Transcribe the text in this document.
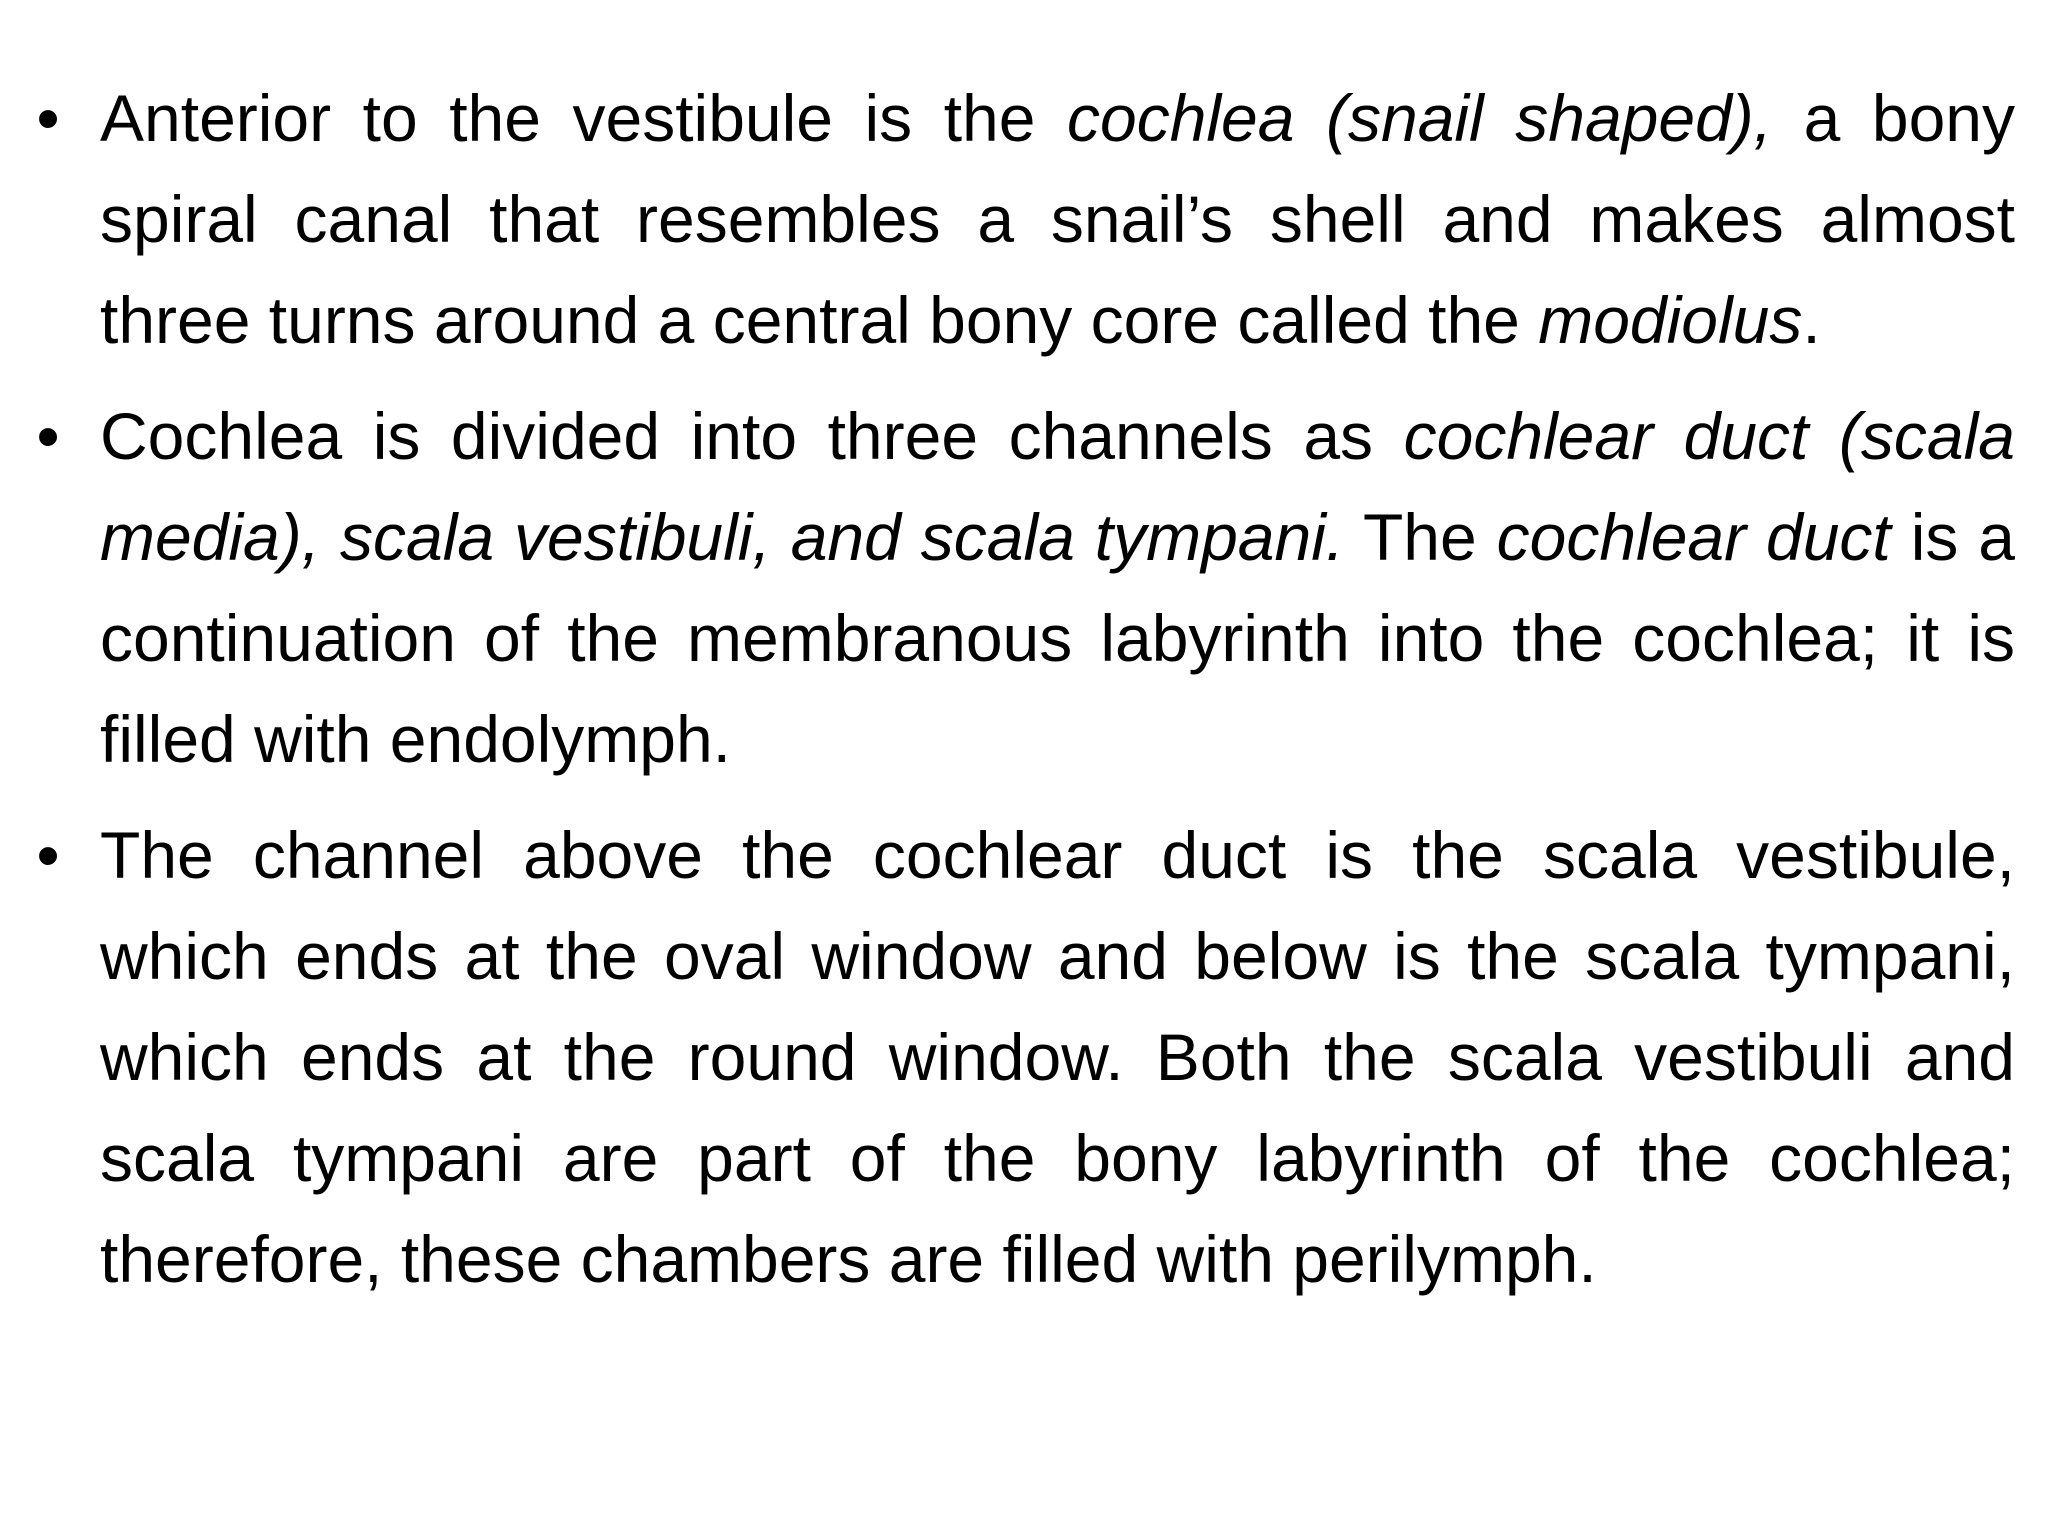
• Anterior to the vestibule is the cochlea (snail shaped), a bony spiral canal that resembles a snail’s shell and makes almost three turns around a central bony core called the modiolus.
• Cochlea is divided into three channels as cochlear duct (scala media), scala vestibuli, and scala tympani. The cochlear duct is a continuation of the membranous labyrinth into the cochlea; it is filled with endolymph.
• The channel above the cochlear duct is the scala vestibule, which ends at the oval window and below is the scala tympani, which ends at the round window. Both the scala vestibuli and scala tympani are part of the bony labyrinth of the cochlea; therefore, these chambers are filled with perilymph.
